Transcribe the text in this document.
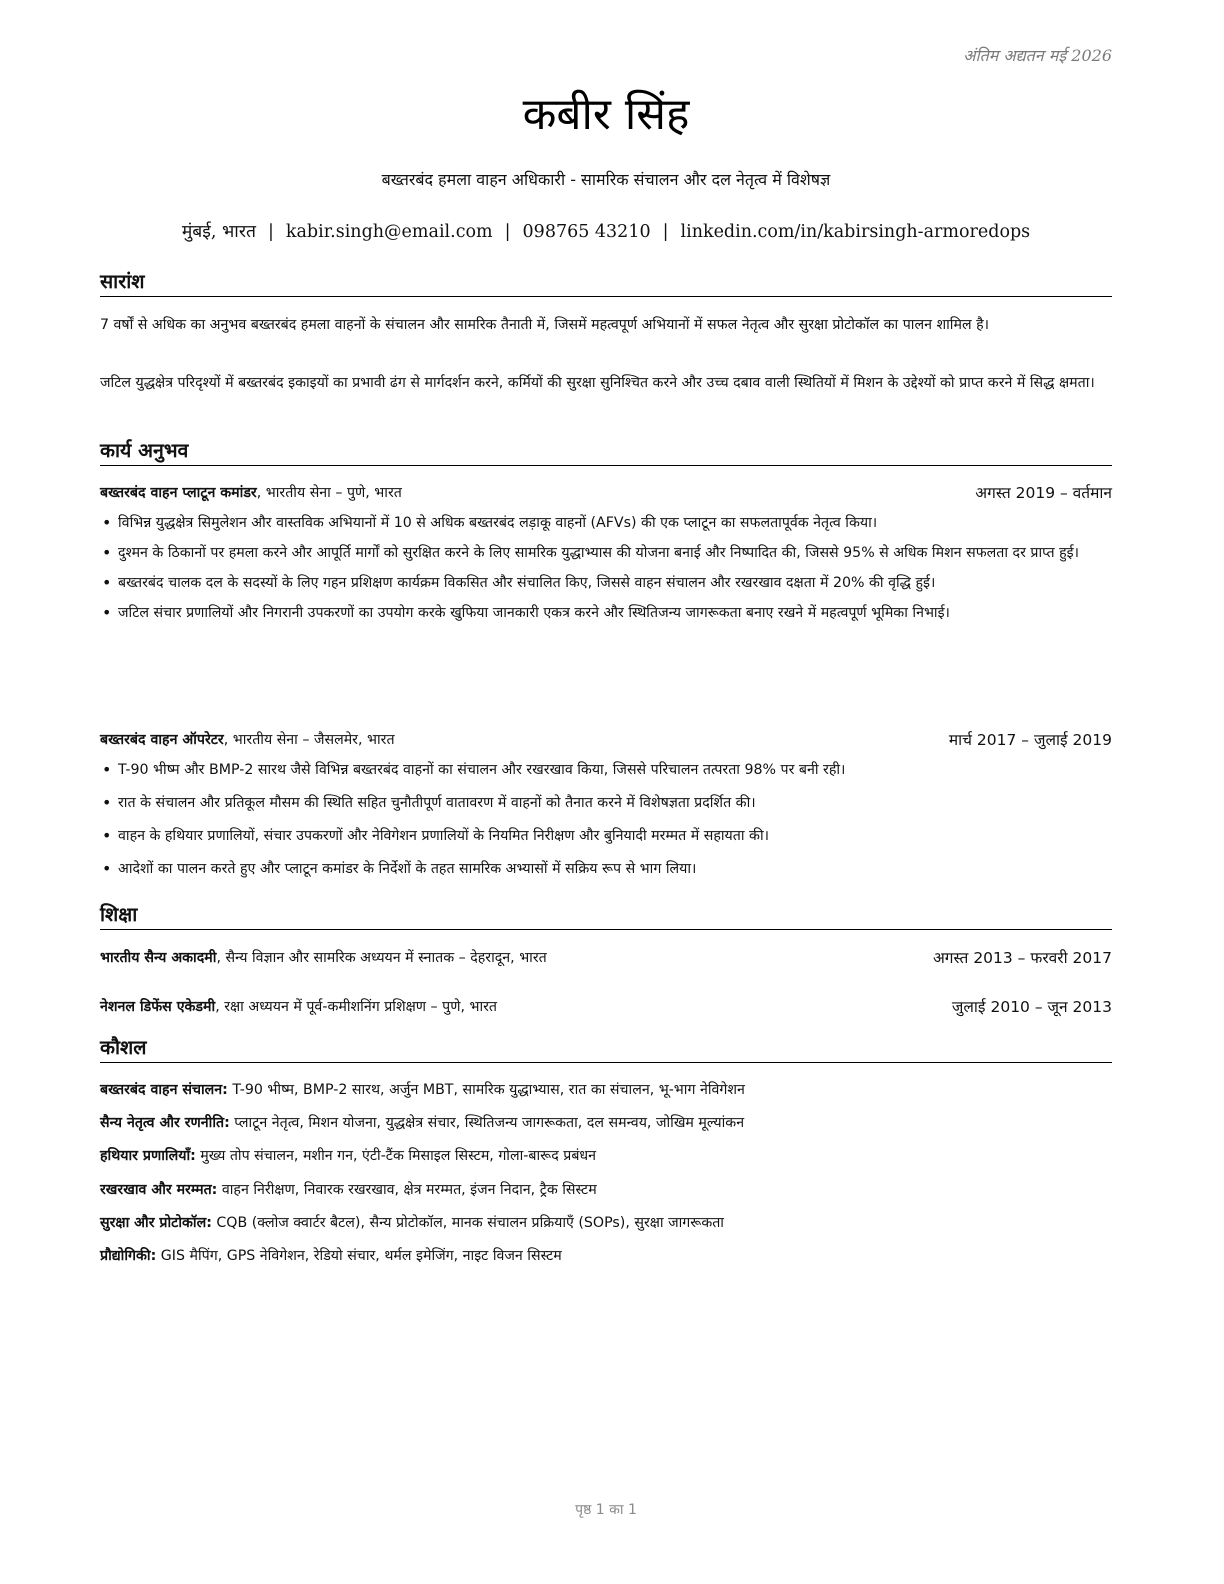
अंतिम अद्यतन मई 2026
कबीर सिंह
बख्तरबंद हमला वाहन अधिकारी - सामरिक संचालन और दल नेतृत्व में विशेषज्ञ
मुंबई, भारत | kabir.singh@email.com | 098765 43210 | linkedin.com/in/kabirsingh-armoredops
सारांश
7 वर्षों से अधिक का अनुभव बख्तरबंद हमला वाहनों के संचालन और सामरिक तैनाती में, जिसमें महत्वपूर्ण अभियानों में सफल नेतृत्व और सुरक्षा प्रोटोकॉल का पालन शामिल है।
जटिल युद्धक्षेत्र परिदृश्यों में बख्तरबंद इकाइयों का प्रभावी ढंग से मार्गदर्शन करने, कर्मियों की सुरक्षा सुनिश्चित करने और उच्च दबाव वाली स्थितियों में मिशन के उद्देश्यों को प्राप्त करने में सिद्ध क्षमता।
कार्य अनुभव
बख्तरबंद वाहन प्लाटून कमांडर, भारतीय सेना – पुणे, भारत	अगस्त 2019 – वर्तमान
• विभिन्न युद्धक्षेत्र सिमुलेशन और वास्तविक अभियानों में 10 से अधिक बख्तरबंद लड़ाकू वाहनों (AFVs) की एक प्लाटून का सफलतापूर्वक नेतृत्व किया।
• दुश्मन के ठिकानों पर हमला करने और आपूर्ति मार्गों को सुरक्षित करने के लिए सामरिक युद्धाभ्यास की योजना बनाई और निष्पादित की, जिससे 95% से अधिक मिशन सफलता दर प्राप्त हुई।
• बख्तरबंद चालक दल के सदस्यों के लिए गहन प्रशिक्षण कार्यक्रम विकसित और संचालित किए, जिससे वाहन संचालन और रखरखाव दक्षता में 20% की वृद्धि हुई।
• जटिल संचार प्रणालियों और निगरानी उपकरणों का उपयोग करके खुफिया जानकारी एकत्र करने और स्थितिजन्य जागरूकता बनाए रखने में महत्वपूर्ण भूमिका निभाई।
बख्तरबंद वाहन ऑपरेटर, भारतीय सेना – जैसलमेर, भारत	मार्च 2017 – जुलाई 2019
• T-90 भीष्म और BMP-2 सारथ जैसे विभिन्न बख्तरबंद वाहनों का संचालन और रखरखाव किया, जिससे परिचालन तत्परता 98% पर बनी रही।
• रात के संचालन और प्रतिकूल मौसम की स्थिति सहित चुनौतीपूर्ण वातावरण में वाहनों को तैनात करने में विशेषज्ञता प्रदर्शित की।
• वाहन के हथियार प्रणालियों, संचार उपकरणों और नेविगेशन प्रणालियों के नियमित निरीक्षण और बुनियादी मरम्मत में सहायता की।
• आदेशों का पालन करते हुए और प्लाटून कमांडर के निर्देशों के तहत सामरिक अभ्यासों में सक्रिय रूप से भाग लिया।
शिक्षा
भारतीय सैन्य अकादमी, सैन्य विज्ञान और सामरिक अध्ययन में स्नातक – देहरादून, भारत	अगस्त 2013 – फरवरी 2017
नेशनल डिफेंस एकेडमी, रक्षा अध्ययन में पूर्व-कमीशनिंग प्रशिक्षण – पुणे, भारत	जुलाई 2010 – जून 2013
कौशल
बख्तरबंद वाहन संचालन: T-90 भीष्म, BMP-2 सारथ, अर्जुन MBT, सामरिक युद्धाभ्यास, रात का संचालन, भू-भाग नेविगेशन
सैन्य नेतृत्व और रणनीति: प्लाटून नेतृत्व, मिशन योजना, युद्धक्षेत्र संचार, स्थितिजन्य जागरूकता, दल समन्वय, जोखिम मूल्यांकन
हथियार प्रणालियाँ: मुख्य तोप संचालन, मशीन गन, एंटी-टैंक मिसाइल सिस्टम, गोला-बारूद प्रबंधन
रखरखाव और मरम्मत: वाहन निरीक्षण, निवारक रखरखाव, क्षेत्र मरम्मत, इंजन निदान, ट्रैक सिस्टम
सुरक्षा और प्रोटोकॉल: CQB (क्लोज क्वार्टर बैटल), सैन्य प्रोटोकॉल, मानक संचालन प्रक्रियाएँ (SOPs), सुरक्षा जागरूकता
प्रौद्योगिकी: GIS मैपिंग, GPS नेविगेशन, रेडियो संचार, थर्मल इमेजिंग, नाइट विजन सिस्टम
पृष्ठ 1 का 1
